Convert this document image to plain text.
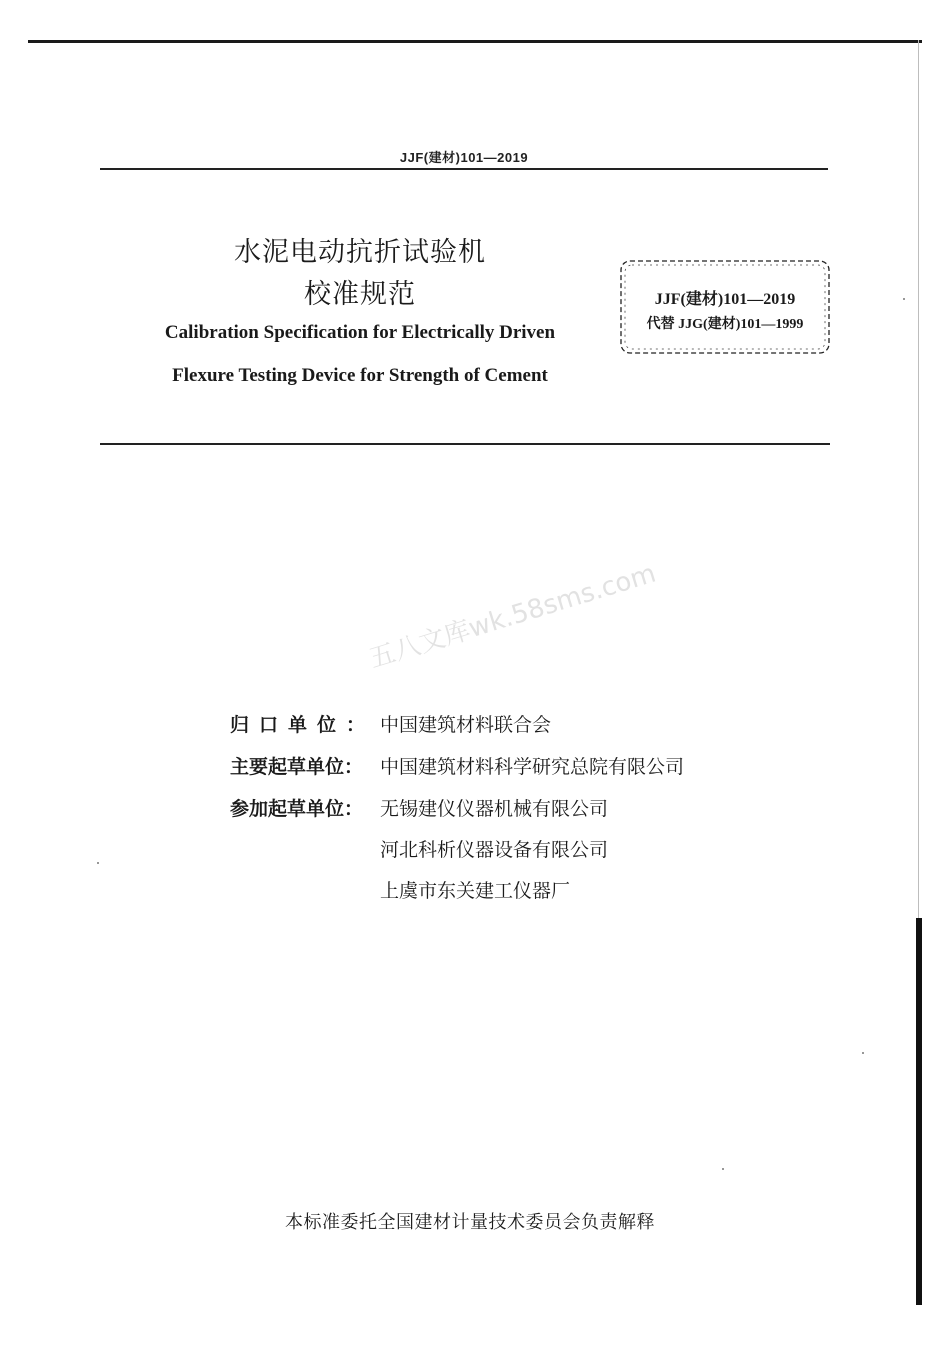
JJF(建材)101—2019
水泥电动抗折试验机
校准规范
Calibration Specification for Electrically Driven
Flexure Testing Device for Strength of Cement
JJF(建材)101—2019
代替 JJG(建材)101—1999
五八文库wk.58sms.com
归口单位： 中国建筑材料联合会
主要起草单位： 中国建筑材料科学研究总院有限公司
参加起草单位： 无锡建仪仪器机械有限公司
河北科析仪器设备有限公司
上虞市东关建工仪器厂
本标准委托全国建材计量技术委员会负责解释
